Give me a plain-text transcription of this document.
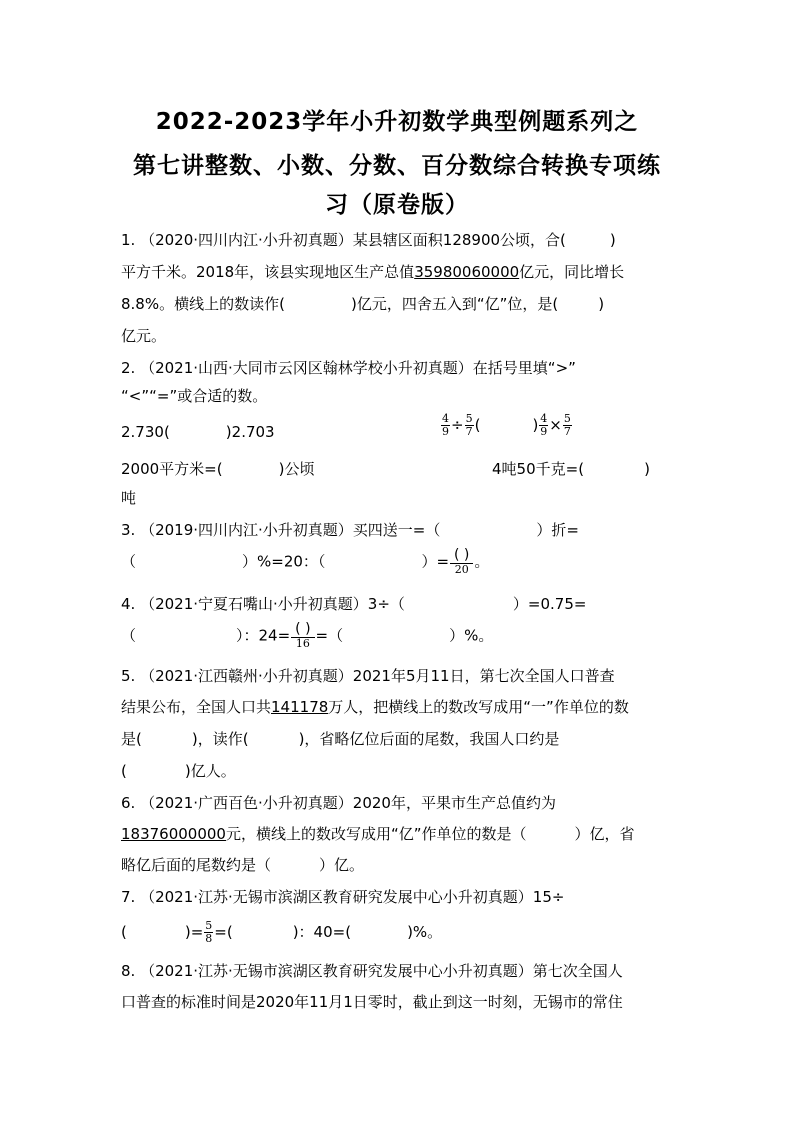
2022-2023学年小升初数学典型例题系列之
第七讲整数、小数、分数、百分数综合转换专项练
习（原卷版）
1. （2020·四川内江·小升初真题）某县辖区面积128900公顷，合(	)
平方千米。2018年，该县实现地区生产总值35980060000亿元，同比增长
8.8%。横线上的数读作(	)亿元，四舍五入到“亿”位，是(	)
亿元。
2. （2021·山西·大同市云冈区翰林学校小升初真题）在括号里填“>”
“<”“=”或合适的数。
2.730(	)2.703	$\frac{4}{9} \div \frac{5}{7}$ (	) $\frac{4}{9} \times \frac{5}{7}$
2000平方米=(	)公顷	4吨50千克=(	)
吨
3. （2019·四川内江·小升初真题）买四送一=（	）折=
（	）%=20：（	）= $\frac{( )}{20}$ 。
4. （2021·宁夏石嘴山·小升初真题）3÷（	）=0.75=
（	）：$24= \frac{( )}{16}$ =（	）%。
5. （2021·江西赣州·小升初真题）2021年5月11日，第七次全国人口普查
结果公布，全国人口共141178万人，把横线上的数改写成用“一”作单位的数
是(	)，读作(	)，省略亿位后面的尾数，我国人口约是
(	)亿人。
6. （2021·广西百色·小升初真题）2020年，平果市生产总值约为
18376000000元，横线上的数改写成用“亿”作单位的数是（	）亿，省
略亿后面的尾数约是（	）亿。
7. （2021·江苏·无锡市滨湖区教育研究发展中心小升初真题）15÷
(	)= $\frac{5}{8}$ =(	)：40=(	)%。
8. （2021·江苏·无锡市滨湖区教育研究发展中心小升初真题）第七次全国人
口普查的标准时间是2020年11月1日零时，截止到这一时刻，无锡市的常住
